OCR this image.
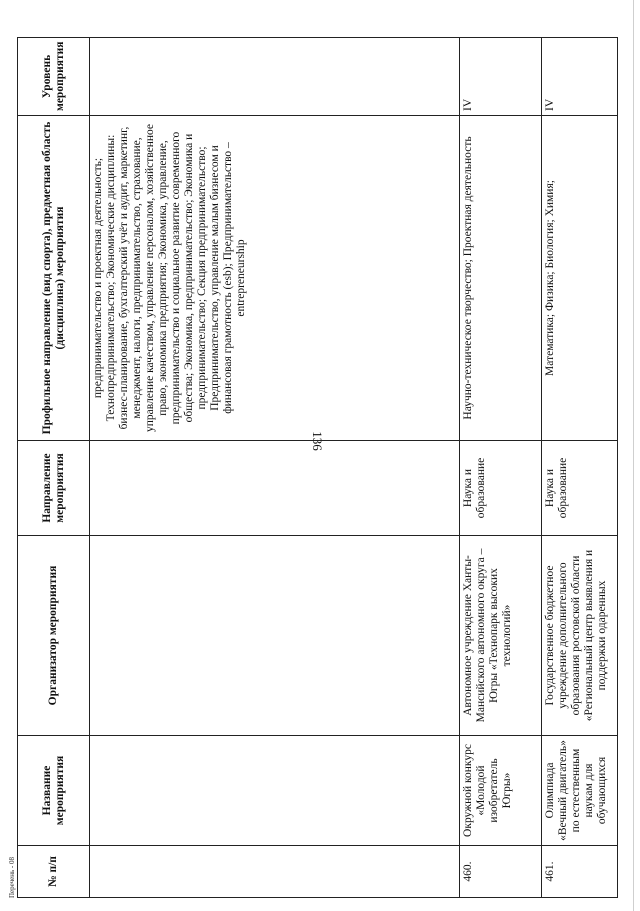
136
№ п/п	Название мероприятия	Организатор мероприятия	Направление мероприятия	Профильное направление (вид спорта), предметная область (дисциплина) мероприятия	Уровень мероприятия
				предпринимательство и проектная деятельность; Технопредпринимательство; Экономические дисциплины: бизнес-планирование, бухгалтерский учёт и аудит, маркетинг, менеджмент, налоги, предпринимательство, страхование, управление качеством, управление персоналом, хозяйственное право, экономика предприятия; Экономика, управление, предпринимательство и социальное развитие современного общества; Экономика, предпринимательство; Экономика и предпринимательство; Секция предпринимательство; Предпринимательство, управление малым бизнесом и финансовая грамотность (esb); Предпринимательство – entrepreneurship	
460.	Окружной конкурс «Молодой изобретатель Югры»	Автономное учреждение Ханты-Мансийского автономного округа – Югры «Технопарк высоких технологий»	Наука и образование	Научно-техническое творчество; Проектная деятельность	IV
461.	Олимпиада «Вечный двигатель» по естественным наукам для обучающихся	Государственное бюджетное учреждение дополнительного образования ростовской области «Региональный центр выявления и поддержки одаренных	Наука и образование	Математика; Физика; Биология; Химия;	IV
Перечень - 08
